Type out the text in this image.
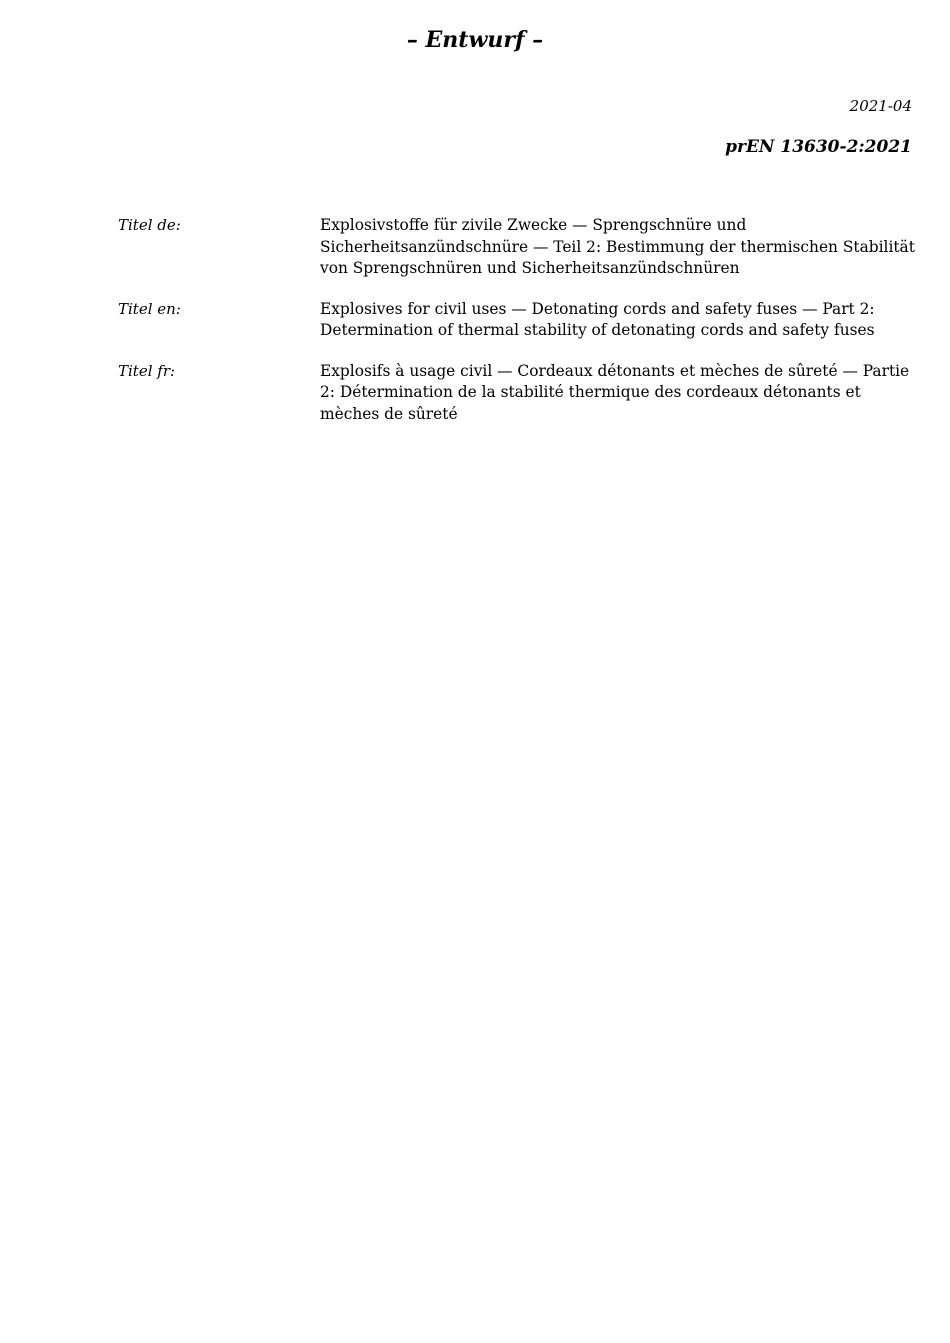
– Entwurf –
2021-04
prEN 13630-2:2021
Titel de:	Explosivstoffe für zivile Zwecke — Sprengschnüre und Sicherheitsanzündschnüre — Teil 2: Bestimmung der thermischen Stabilität von Sprengschnüren und Sicherheitsanzündschnüren
Titel en:	Explosives for civil uses — Detonating cords and safety fuses — Part 2: Determination of thermal stability of detonating cords and safety fuses
Titel fr:	Explosifs à usage civil — Cordeaux détonants et mèches de sûreté — Partie 2: Détermination de la stabilité thermique des cordeaux détonants et mèches de sûreté
